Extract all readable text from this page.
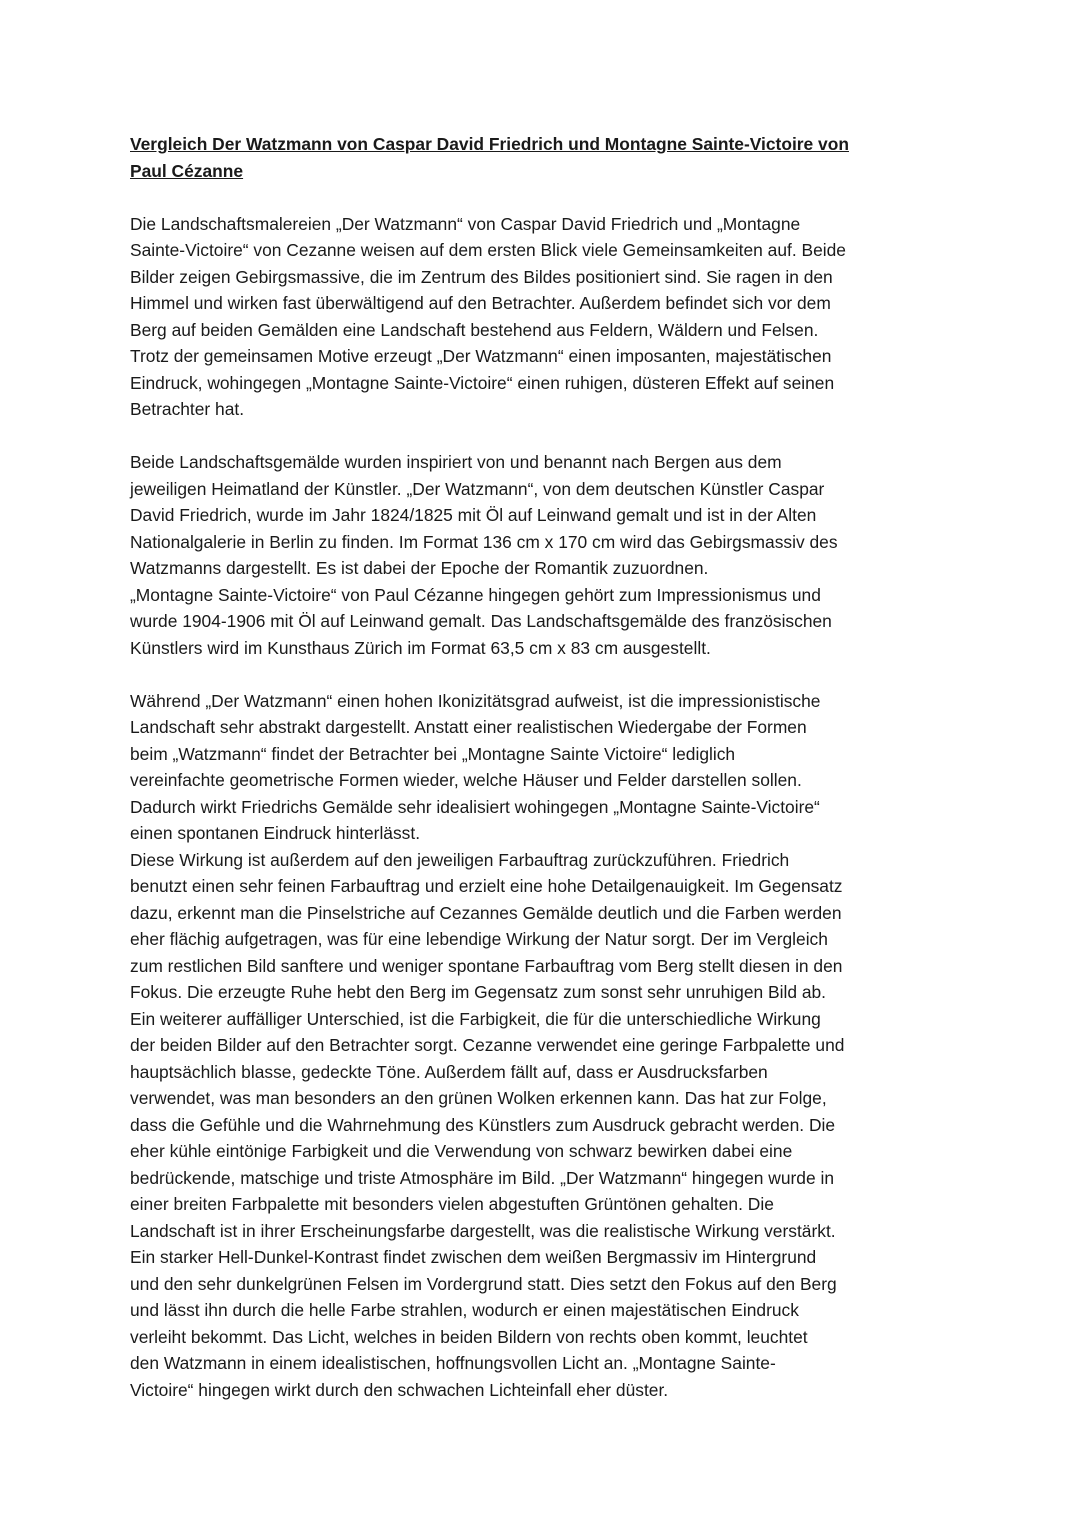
Vergleich Der Watzmann von Caspar David Friedrich und Montagne Sainte-Victoire von
Paul Cézanne
Die Landschaftsmalereien „Der Watzmann“ von Caspar David Friedrich und „Montagne
Sainte-Victoire“ von Cezanne weisen auf dem ersten Blick viele Gemeinsamkeiten auf. Beide
Bilder zeigen Gebirgsmassive, die im Zentrum des Bildes positioniert sind. Sie ragen in den
Himmel und wirken fast überwältigend auf den Betrachter. Außerdem befindet sich vor dem
Berg auf beiden Gemälden eine Landschaft bestehend aus Feldern, Wäldern und Felsen.
Trotz der gemeinsamen Motive erzeugt „Der Watzmann“ einen imposanten, majestätischen
Eindruck, wohingegen „Montagne Sainte-Victoire“ einen ruhigen, düsteren Effekt auf seinen
Betrachter hat.
Beide Landschaftsgemälde wurden inspiriert von und benannt nach Bergen aus dem
jeweiligen Heimatland der Künstler. „Der Watzmann“, von dem deutschen Künstler Caspar
David Friedrich, wurde im Jahr 1824/1825 mit Öl auf Leinwand gemalt und ist in der Alten
Nationalgalerie in Berlin zu finden. Im Format 136 cm x 170 cm wird das Gebirgsmassiv des
Watzmanns dargestellt. Es ist dabei der Epoche der Romantik zuzuordnen.
„Montagne Sainte-Victoire“ von Paul Cézanne hingegen gehört zum Impressionismus und
wurde 1904-1906 mit Öl auf Leinwand gemalt. Das Landschaftsgemälde des französischen
Künstlers wird im Kunsthaus Zürich im Format 63,5 cm x 83 cm ausgestellt.
Während „Der Watzmann“ einen hohen Ikonizitätsgrad aufweist, ist die impressionistische
Landschaft sehr abstrakt dargestellt. Anstatt einer realistischen Wiedergabe der Formen
beim „Watzmann“ findet der Betrachter bei „Montagne Sainte Victoire“ lediglich
vereinfachte geometrische Formen wieder, welche Häuser und Felder darstellen sollen.
Dadurch wirkt Friedrichs Gemälde sehr idealisiert wohingegen „Montagne Sainte-Victoire“
einen spontanen Eindruck hinterlässt.
Diese Wirkung ist außerdem auf den jeweiligen Farbauftrag zurückzuführen. Friedrich
benutzt einen sehr feinen Farbauftrag und erzielt eine hohe Detailgenauigkeit. Im Gegensatz
dazu, erkennt man die Pinselstriche auf Cezannes Gemälde deutlich und die Farben werden
eher flächig aufgetragen, was für eine lebendige Wirkung der Natur sorgt. Der im Vergleich
zum restlichen Bild sanftere und weniger spontane Farbauftrag vom Berg stellt diesen in den
Fokus. Die erzeugte Ruhe hebt den Berg im Gegensatz zum sonst sehr unruhigen Bild ab.
Ein weiterer auffälliger Unterschied, ist die Farbigkeit, die für die unterschiedliche Wirkung
der beiden Bilder auf den Betrachter sorgt. Cezanne verwendet eine geringe Farbpalette und
hauptsächlich blasse, gedeckte Töne. Außerdem fällt auf, dass er Ausdrucksfarben
verwendet, was man besonders an den grünen Wolken erkennen kann. Das hat zur Folge,
dass die Gefühle und die Wahrnehmung des Künstlers zum Ausdruck gebracht werden. Die
eher kühle eintönige Farbigkeit und die Verwendung von schwarz bewirken dabei eine
bedrückende, matschige und triste Atmosphäre im Bild. „Der Watzmann“ hingegen wurde in
einer breiten Farbpalette mit besonders vielen abgestuften Grüntönen gehalten. Die
Landschaft ist in ihrer Erscheinungsfarbe dargestellt, was die realistische Wirkung verstärkt.
Ein starker Hell-Dunkel-Kontrast findet zwischen dem weißen Bergmassiv im Hintergrund
und den sehr dunkelgrünen Felsen im Vordergrund statt. Dies setzt den Fokus auf den Berg
und lässt ihn durch die helle Farbe strahlen, wodurch er einen majestätischen Eindruck
verleiht bekommt. Das Licht, welches in beiden Bildern von rechts oben kommt, leuchtet
den Watzmann in einem idealistischen, hoffnungsvollen Licht an. „Montagne Sainte-
Victoire“ hingegen wirkt durch den schwachen Lichteinfall eher düster.
